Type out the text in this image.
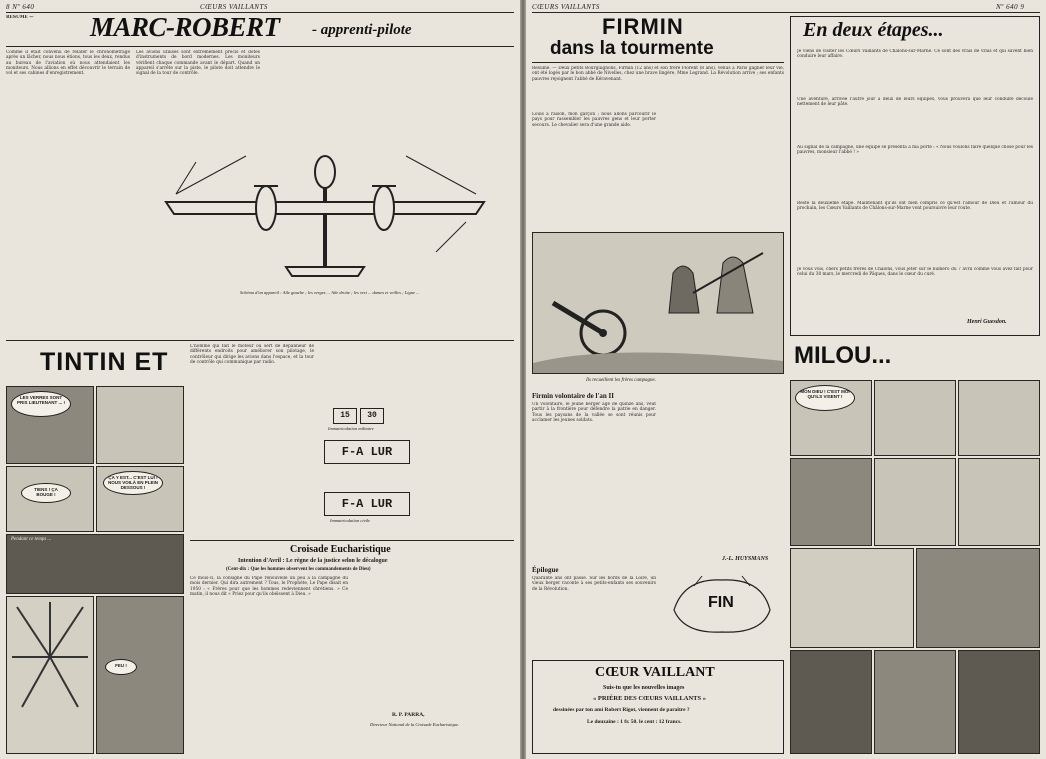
8 Nº 640	CŒURS VAILLANTS
RÉSUMÉ —	MARC-ROBERT - apprenti-pilote
Comme il était convenu de relater le chronométrage après un lâcher, nous nous étions, tous les deux, rendus au bureau de l'aviation où nous attendaient les moniteurs. Nous allions en effet découvrir le terrain de vol et ses cabines d'enregistrement.
Les avions utilisés sont extrêmement précis et dotés d'instruments de bord modernes. Les moniteurs vérifient chaque commande avant le départ. Quand un appareil s'arrête sur la piste, le pilote doit attendre le signal de la tour de contrôle.
Schéma d'un appareil : Aile gauche ; les verges ... Aile droite ; les vert ... dames et veilles ; Ligne ...
TINTIN ET
LES VERRES SONT PRIS LIEUTENANT ... !
TIENS ! ÇA BOUGE !
ÇA Y EST... C'EST LUI ! NOUS VOILÀ EN PLEIN DESSOUS !
Pendant ce temps ...
FEU !
L'homme qui fait le moteur ou sert de dépanneur de différents endroits pour améliorer son pilotage, le contrôleur qui dirige les avions dans l'espace, et la tour de contrôle qui communique par radio.
15	30
Immatriculation militaire
F-A LUR
F-A LUR
Immatriculation civile
Croisade Eucharistique
Intention d'Avril : Le règne de la justice selon le décalogue
(Cent-dix : Que les hommes observent les commandements de Dieu)
Ce mois-ci, la consigne du Pape renouvelle un peu à la campagne du mois dernier. Qui dira autrement ? Tous, le Prophète, Le Pape disait en 1950 : « Frères pour que les hommes redeviennent chrétiens. » Ce matin, il nous dit « Priez pour qu'ils obéissent à Dieu. »
R. P. PARRA,
Directeur National de la Croisade Eucharistique.
CŒURS VAILLANTS	Nº 640 9
FIRMIN
dans la tourmente
Résumé. — Deux petits Bourguignons, Firmin (12 ans) et son frère Florent (8 ans), venus à Paris gagner leur vie, ont été logés par le bon abbé de Nivelles, chez une brave lingère, Mme Legrand. La Révolution arrive ; ses enfants pauvres rejoignent l'abbé de Kéravenant.
Louis a raison, mon garçon ; nous allons parcourir le pays pour rassembler les pauvres gens et leur porter secours. Le chevalier sera d'une grande aide.
Ils recueillent les frères campagne.
Firmin volontaire de l'an II
Un volontaire, le jeune berger âgé de quinze ans, veut partir à la frontière pour défendre la patrie en danger. Tous les paysans de la vallée se sont réunis pour acclamer les jeunes soldats.
J.-L. HUYSMANS
FIN
Épilogue
Quarante ans ont passé. Sur les bords de la Loire, un vieux berger raconte à ses petits-enfants ses souvenirs de la Révolution.
CŒUR VAILLANT
Suis-tu que les nouvelles images
« PRIÈRE DES CŒURS VAILLANTS »
dessinées par ton ami Robert Rigot, viennent de paraître ?
Le douzaine : 1 fr. 50. le cent : 12 francs.
En deux étapes...
Je viens de visiter les Cœurs Vaillants de Châlons-sur-Marne. Ce sont des vrais de vrais et qui savent bien conduire leur affaire.
Une aventure, arrivée l'autre jour à deux de leurs équipes, vous prouvera que leur conduite découle nettement de leur pâte.
Au signal de la campagne, une équipe se présenta à ma porte : « Nous voulons faire quelque chose pour les pauvres, monsieur l'abbé ! »
Reste la deuxième étape. Maintenant qu'ils ont bien compris ce qu'est l'amour de Dieu et l'amour du prochain, les Cœurs Vaillants de Châlons-sur-Marne vont poursuivre leur route.
Je vous vois, chers petits frères de Châlons, vous jeter sur le numéro du 7 avril comme vous avez fait pour celui du 30 mars, le mercredi de Pâques, dans le cœur du curé.
Henri Guesdon.
MILOU...
MON DIEU ! C'EST MOI QU'ILS VISENT !
